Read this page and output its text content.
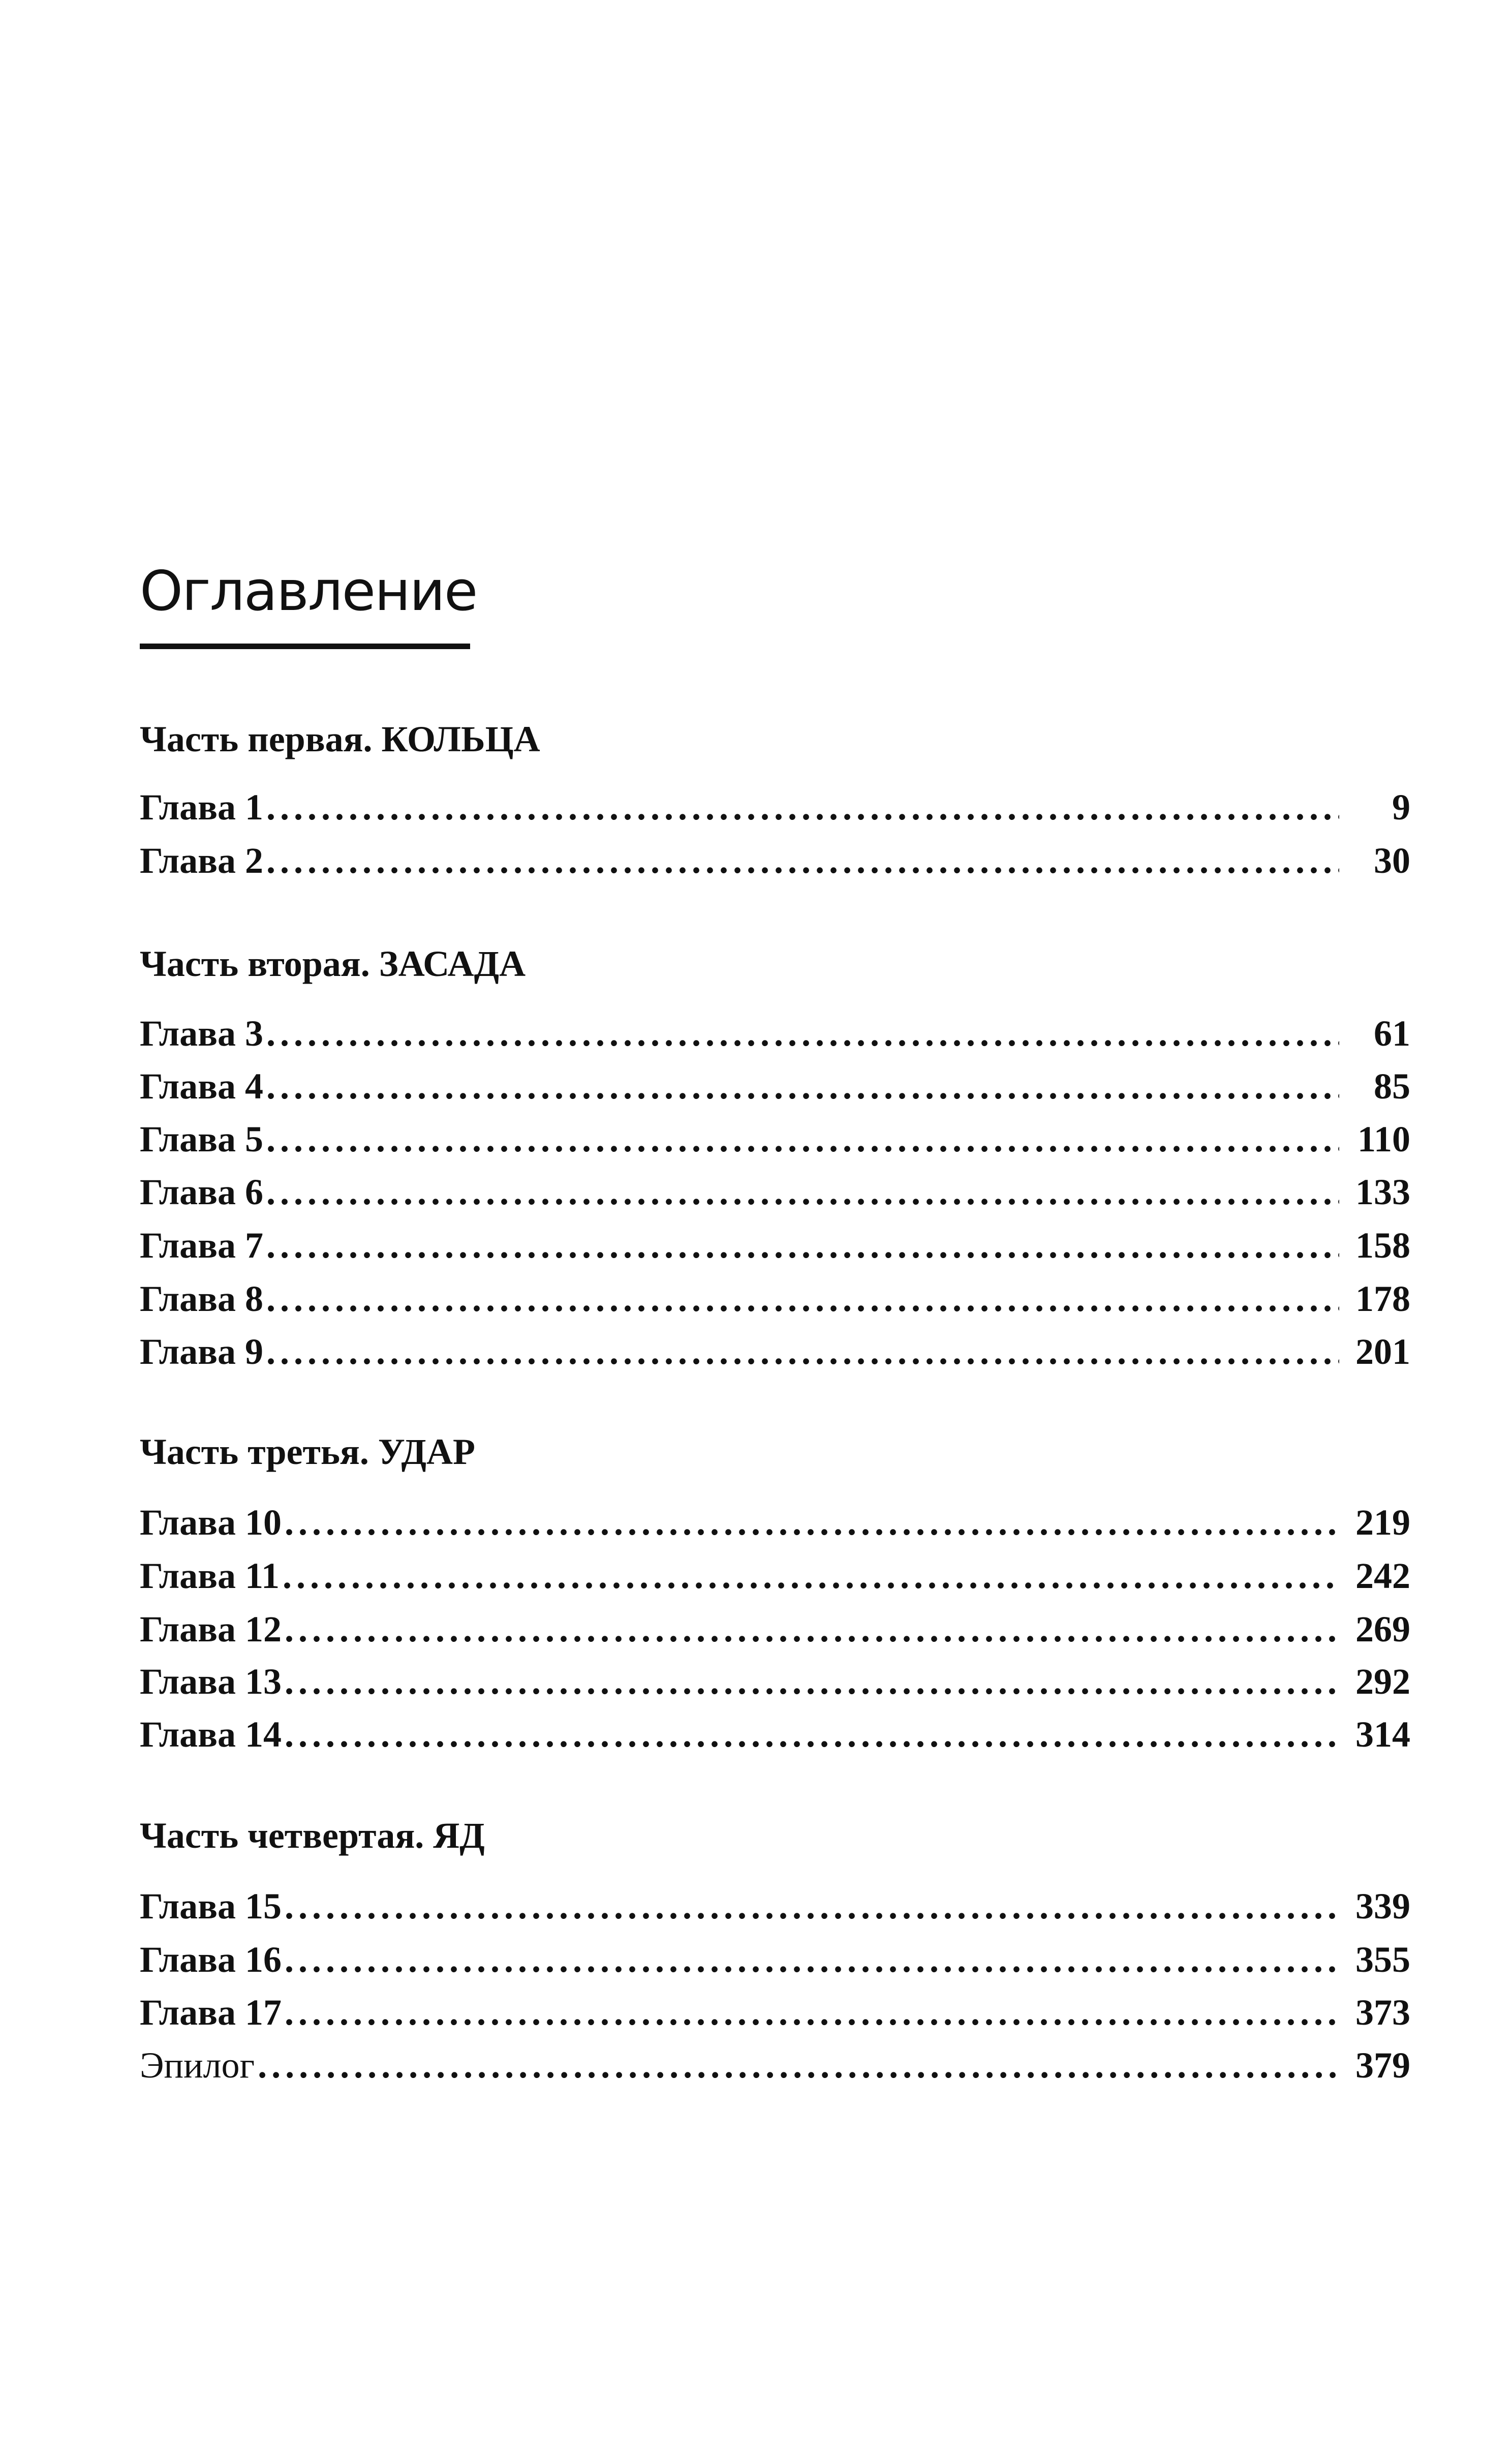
Оглавление
Часть первая. КОЛЬЦА
Глава 1 .....	9
Глава 2 .....	30
Часть вторая. ЗАСАДА
Глава 3 .....	61
Глава 4 .....	85
Глава 5 .....	110
Глава 6 .....	133
Глава 7 .....	158
Глава 8 .....	178
Глава 9 .....	201
Часть третья. УДАР
Глава 10 .....	219
Глава 11 .....	242
Глава 12 .....	269
Глава 13 .....	292
Глава 14 .....	314
Часть четвертая. ЯД
Глава 15 .....	339
Глава 16 .....	355
Глава 17 .....	373
Эпилог .....	379
